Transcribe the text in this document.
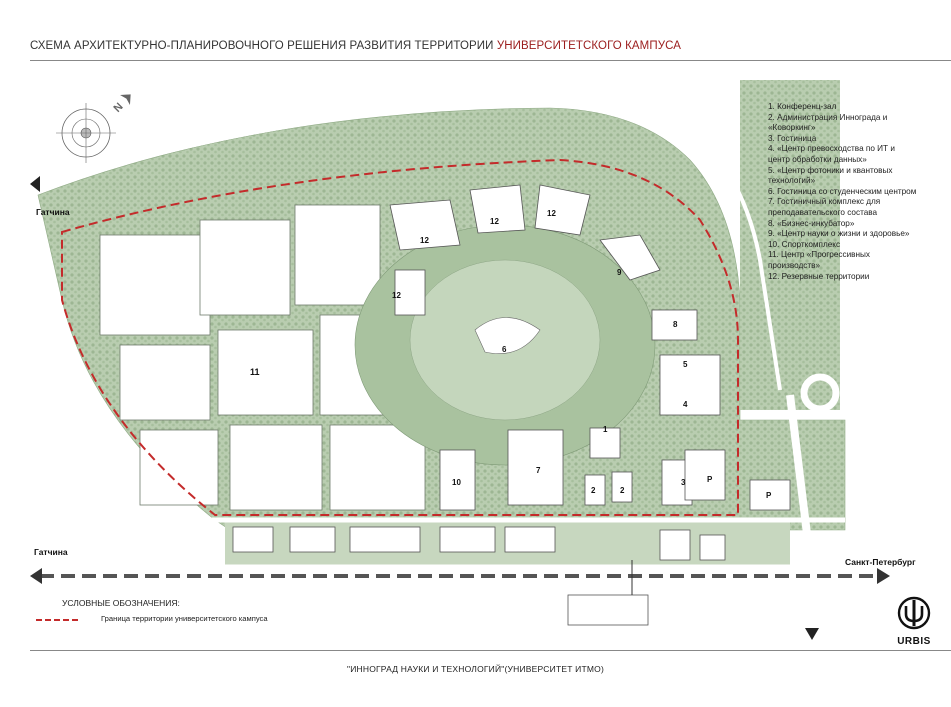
СХЕМА АРХИТЕКТУРНО-ПЛАНИРОВОЧНОГО РЕШЕНИЯ РАЗВИТИЯ ТЕРРИТОРИИ УНИВЕРСИТЕТСКОГО КАМПУСА
N
11
10
7
6
1
2	2
3	P
P
5
4
8
9
12
12
12
12
Гатчина
Гатчина
Санкт-Петербург
1. Конференц-зал
2. Администрация Иннограда и
«Коворкинг»
3. Гостиница
4. «Центр превосходства по ИТ и
центр обработки данных»
5. «Центр фотоники и квантовых
технологий»
6. Гостиница со студенческим центром
7. Гостиничный комплекс для
преподавательского состава
8. «Бизнес-инкубатор»
9. «Центр науки о жизни и здоровье»
10. Спорткомплекс
11. Центр «Прогрессивных
производств»
12. Резервные территории
УСЛОВНЫЕ ОБОЗНАЧЕНИЯ:
Граница территории университетского кампуса
URBIS
"ИННОГРАД НАУКИ И ТЕХНОЛОГИЙ"(УНИВЕРСИТЕТ ИТМО)
